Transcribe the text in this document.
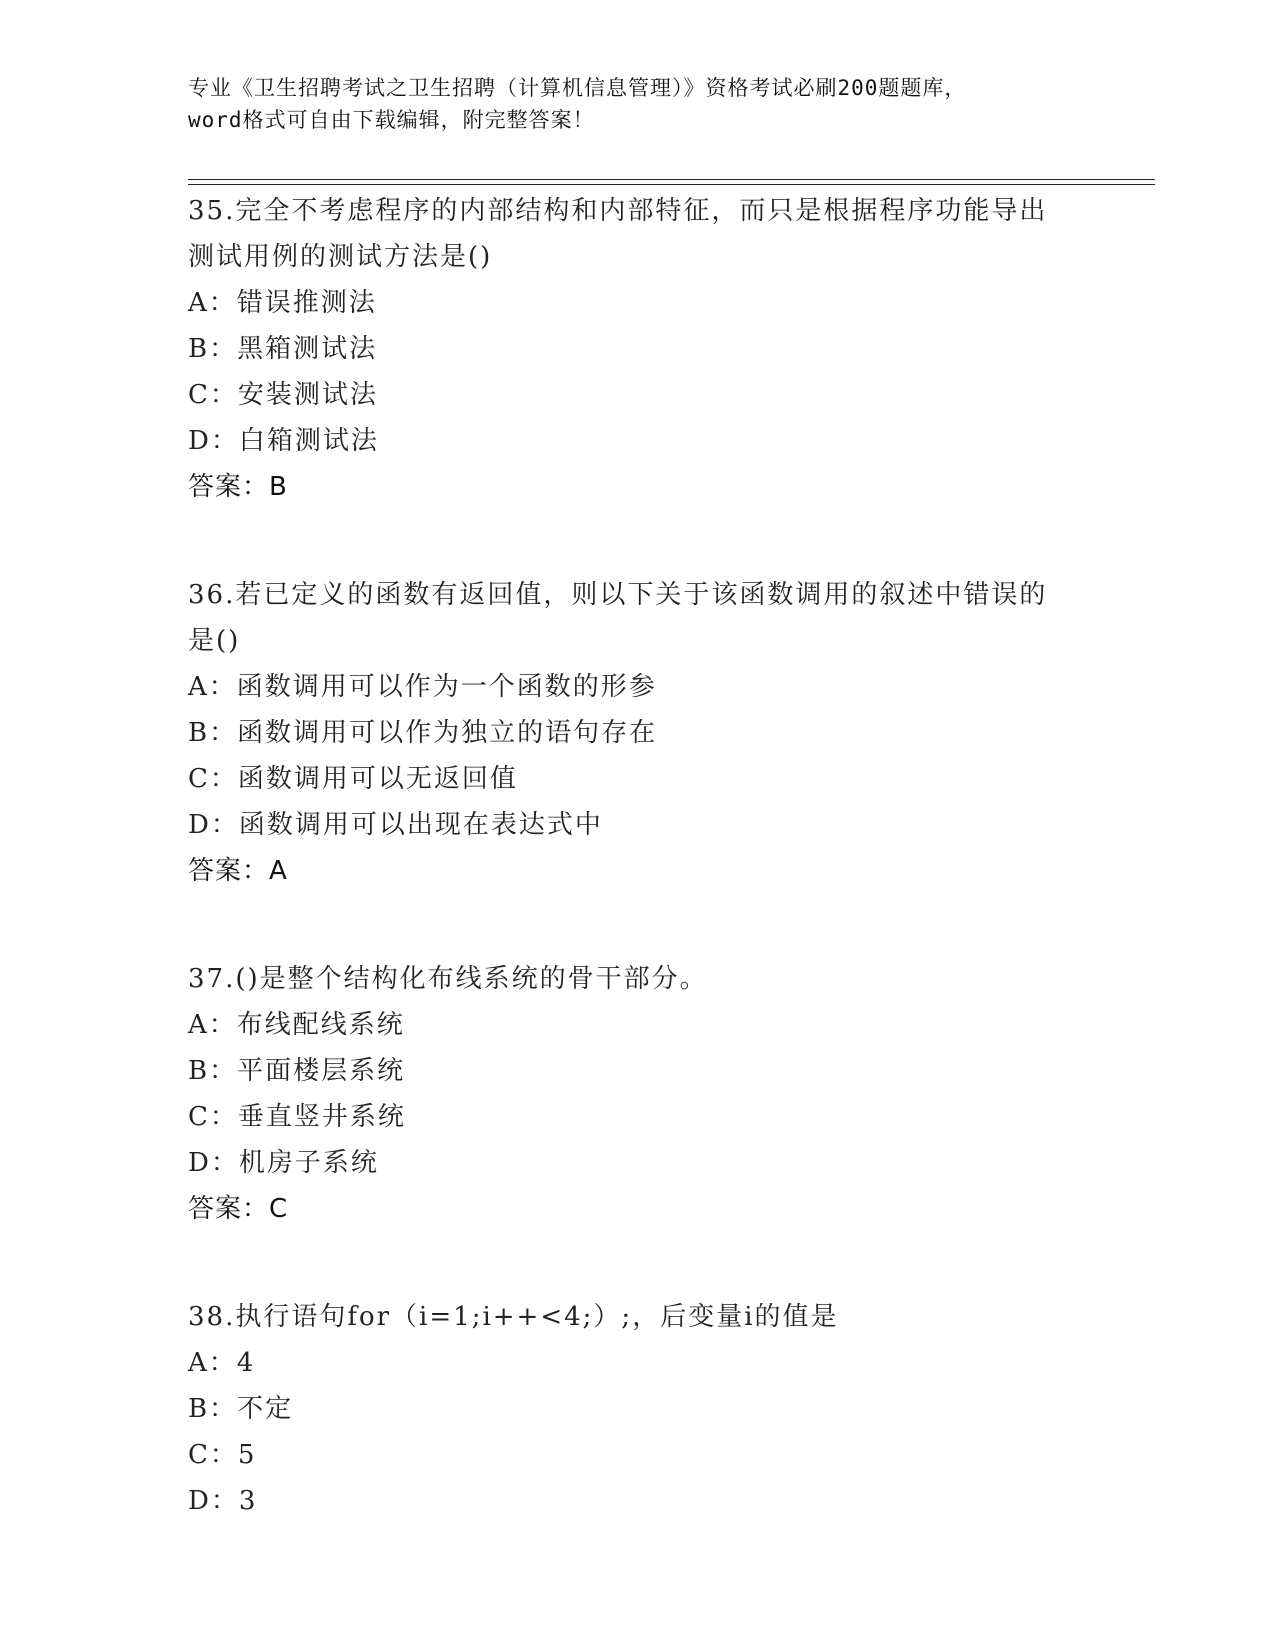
专业《卫生招聘考试之卫生招聘（计算机信息管理）》资格考试必刷200题题库，
word格式可自由下载编辑，附完整答案！
35.完全不考虑程序的内部结构和内部特征，而只是根据程序功能导出
测试用例的测试方法是()
A：错误推测法
B：黑箱测试法
C：安装测试法
D：白箱测试法
答案：B
36.若已定义的函数有返回值，则以下关于该函数调用的叙述中错误的
是()
A：函数调用可以作为一个函数的形参
B：函数调用可以作为独立的语句存在
C：函数调用可以无返回值
D：函数调用可以出现在表达式中
答案：A
37.()是整个结构化布线系统的骨干部分。
A：布线配线系统
B：平面楼层系统
C：垂直竖井系统
D：机房子系统
答案：C
38.执行语句for（i=1;i++<4;）;，后变量i的值是
A：4
B：不定
C：5
D：3
